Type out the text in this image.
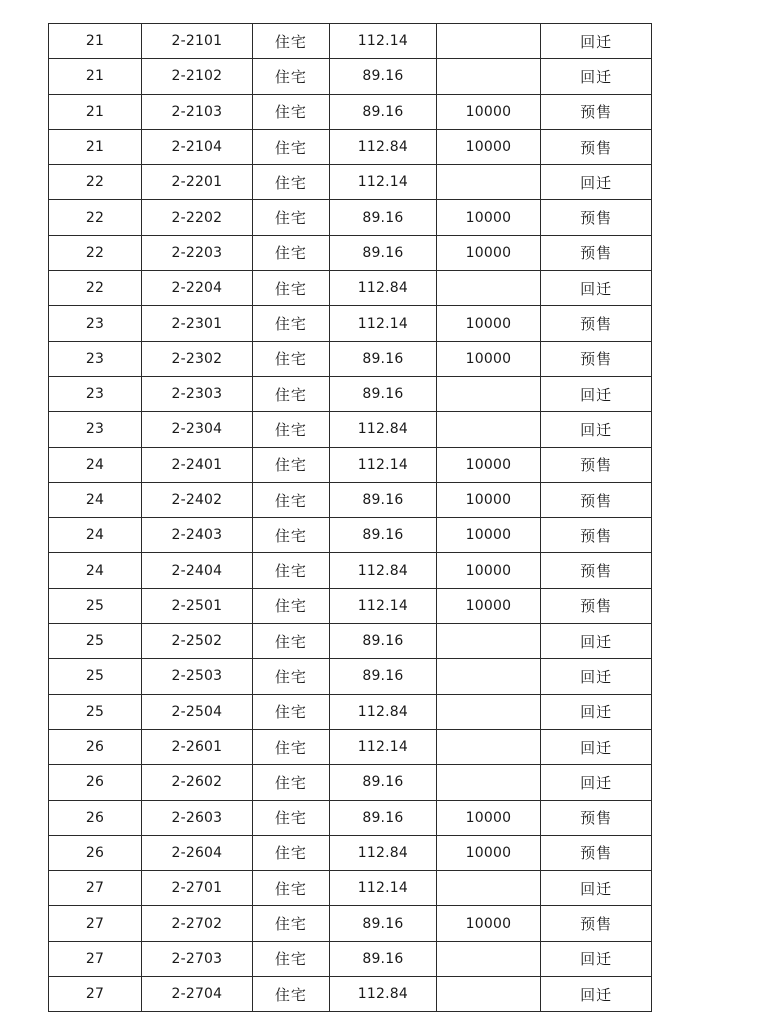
21	2-2101	住宅	112.14		回迁
21	2-2102	住宅	89.16		回迁
21	2-2103	住宅	89.16	10000	预售
21	2-2104	住宅	112.84	10000	预售
22	2-2201	住宅	112.14		回迁
22	2-2202	住宅	89.16	10000	预售
22	2-2203	住宅	89.16	10000	预售
22	2-2204	住宅	112.84		回迁
23	2-2301	住宅	112.14	10000	预售
23	2-2302	住宅	89.16	10000	预售
23	2-2303	住宅	89.16		回迁
23	2-2304	住宅	112.84		回迁
24	2-2401	住宅	112.14	10000	预售
24	2-2402	住宅	89.16	10000	预售
24	2-2403	住宅	89.16	10000	预售
24	2-2404	住宅	112.84	10000	预售
25	2-2501	住宅	112.14	10000	预售
25	2-2502	住宅	89.16		回迁
25	2-2503	住宅	89.16		回迁
25	2-2504	住宅	112.84		回迁
26	2-2601	住宅	112.14		回迁
26	2-2602	住宅	89.16		回迁
26	2-2603	住宅	89.16	10000	预售
26	2-2604	住宅	112.84	10000	预售
27	2-2701	住宅	112.14		回迁
27	2-2702	住宅	89.16	10000	预售
27	2-2703	住宅	89.16		回迁
27	2-2704	住宅	112.84		回迁
